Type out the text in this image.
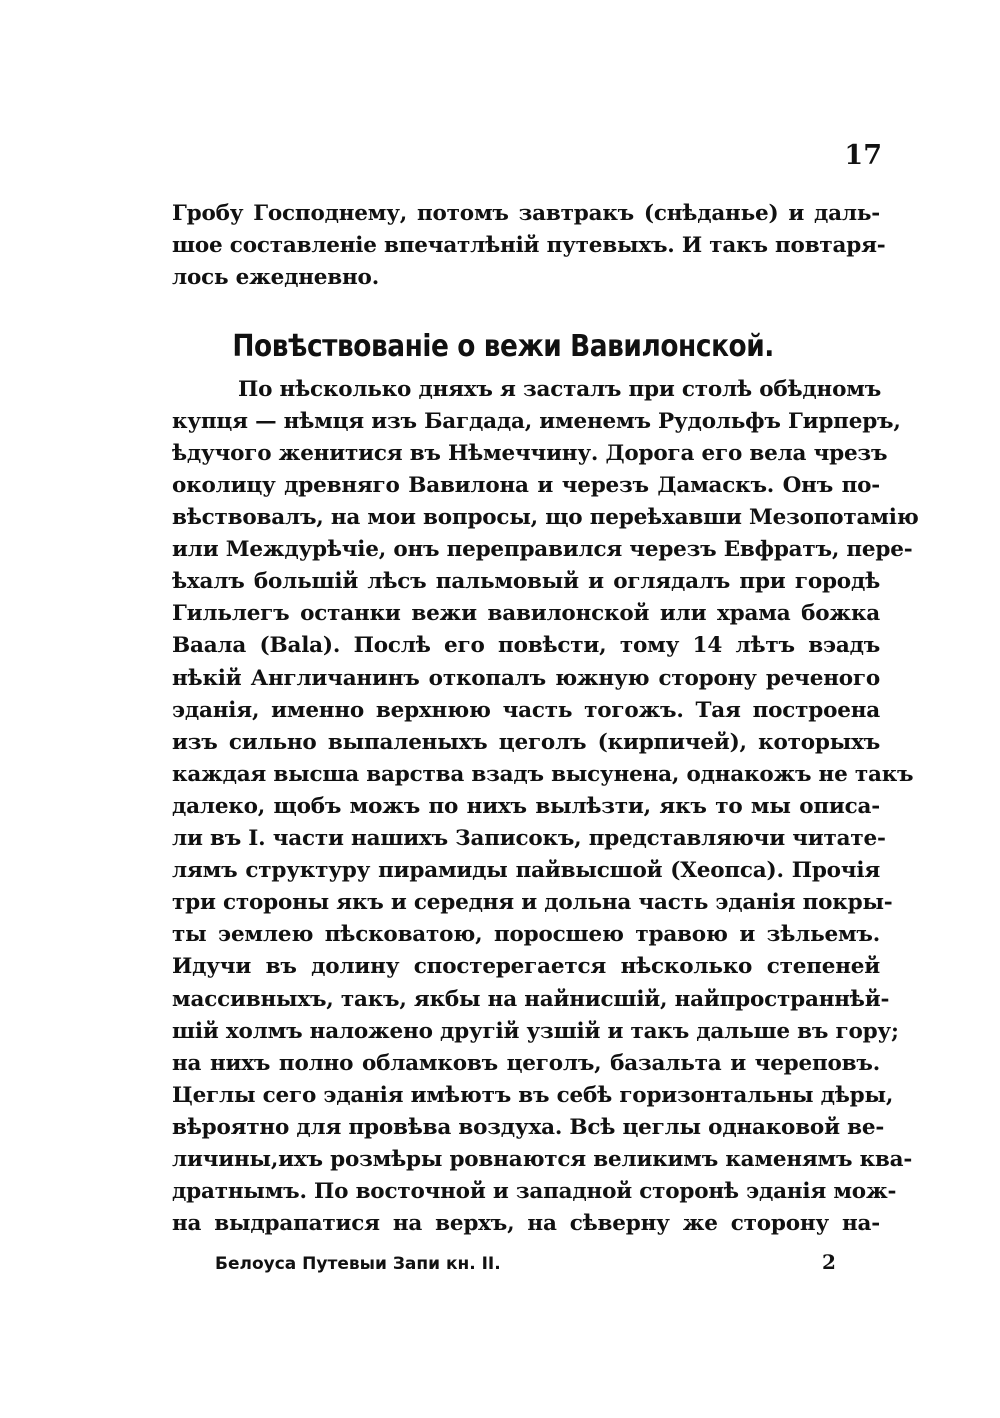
17
Гробу Господнему, потомъ завтракъ (снѣданье) и даль-
шое составленіе впечатлѣній путевыхъ. И такъ повтаря-
лось ежедневно.
Повѣствованіе о вежи Вавилонской.
По нѣсколько дняхъ я засталъ при столѣ обѣдномъ
купця — нѣмця изъ Багдада, именемъ Рудольфъ Гирперъ,
ѣдучого женитися въ Нѣмеччину. Дорога его вела чрезъ
околицу древняго Вавилона и черезъ Дамаскъ. Онъ по-
вѣствовалъ, на мои вопросы, що переѣхавши Мезопотамію
или Междурѣчіе, онъ переправился черезъ Евфратъ, пере-
ѣхалъ большій лѣсъ пальмовый и оглядалъ при городѣ
Гильлегъ останки вежи вавилонской или храма божка
Ваала (Bala). Послѣ его повѣсти, тому 14 лѣтъ вэадъ
нѣкій Англичанинъ откопалъ южную сторону реченого
эданія, именно верхнюю часть тогожъ. Тая построена
изъ сильно выпаленыхъ цеголъ (кирпичей), которыхъ
каждая высша варства взадъ высунена, однакожъ не такъ
далеко, щобъ можъ по нихъ вылѣзти, якъ то мы описа-
ли въ I. части нашихъ Записокъ, представляючи читате-
лямъ структуру пирамиды пайвысшой (Хеопса). Прочія
три стороны якъ и середня и дольна часть эданія покры-
ты эемлею пѣсковатою, поросшею травою и зѣльемъ.
Идучи въ долину спостерегается нѣсколько степеней
массивныхъ, такъ, якбы на найнисшій, найпространнѣй-
шій холмъ наложено другій узшій и такъ дальше въ гору;
на нихъ полно обламковъ цеголъ, базальта и череповъ.
Цеглы сего эданія имѣютъ въ себѣ горизонтальны дѣры,
вѣроятно для провѣва воздуха. Всѣ цеглы однаковой ве-
личины,ихъ розмѣры ровнаются великимъ каменямъ ква-
дратнымъ. По восточной и западной сторонѣ эданія мож-
на выдрапатися на верхъ, на сѣверну же сторону на-
Белоуса Путевыи Запи кн. II.	2
